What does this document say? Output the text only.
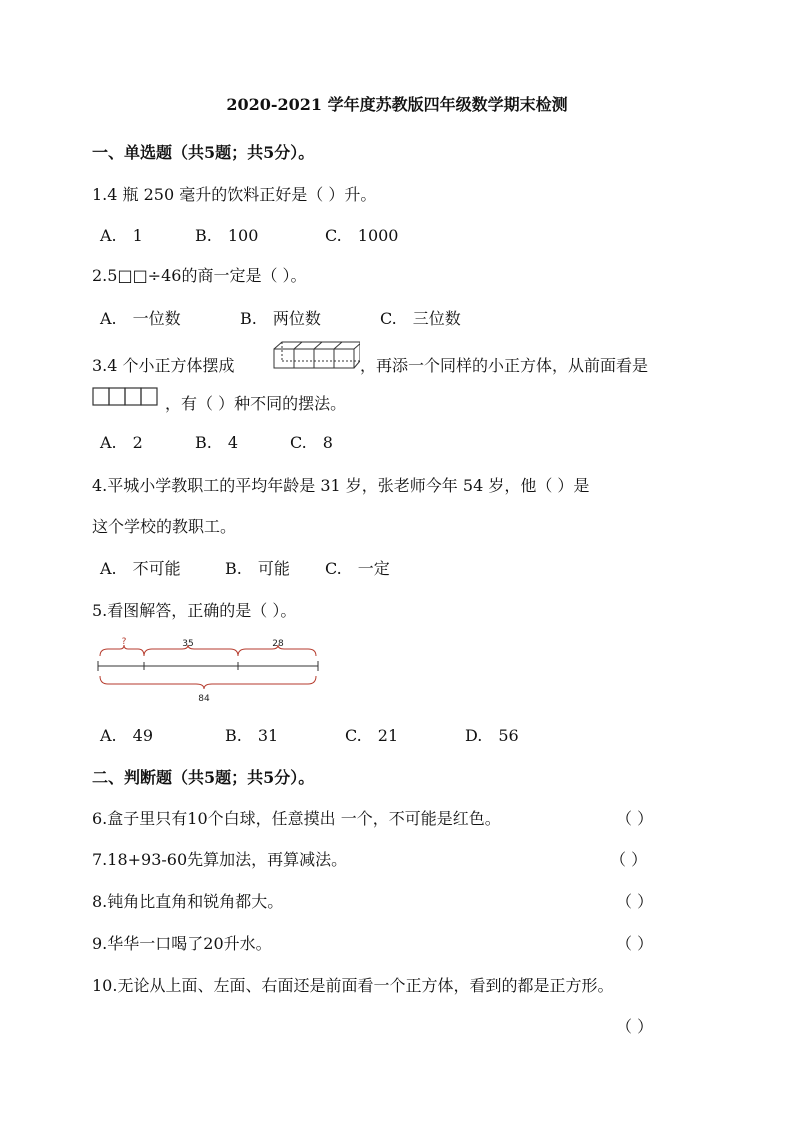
2020-2021 学年度苏教版四年级数学期末检测
一、单选题（共5题；共5分）。
1.4 瓶 250 毫升的饮料正好是（ ）升。
A.　1	B.　100	C.　1000
2.5□□÷46的商一定是（ ）。
A.　一位数	B.　两位数	C.　三位数
3.4 个小正方体摆成	，再添一个同样的小正方体，从前面看是
，有（ ）种不同的摆法。
A.　2	B.　4	C.　8
4.平城小学教职工的平均年龄是 31 岁，张老师今年 54 岁，他（ ）是
这个学校的教职工。
A.　不可能	B.　可能 C.　一定
5.看图解答，正确的是（ ）。
?	35	28
84
A.　49	B.　31	C.　21	D.　56
二、判断题（共5题；共5分）。
6.盒子里只有10个白球，任意摸出 一个，不可能是红色。	（ ）
7.18+93-60先算加法，再算减法。	（ ）
8.钝角比直角和锐角都大。	（ ）
9.华华一口喝了20升水。	（ ）
10.无论从上面、左面、右面还是前面看一个正方体，看到的都是正方形。
（ ）
